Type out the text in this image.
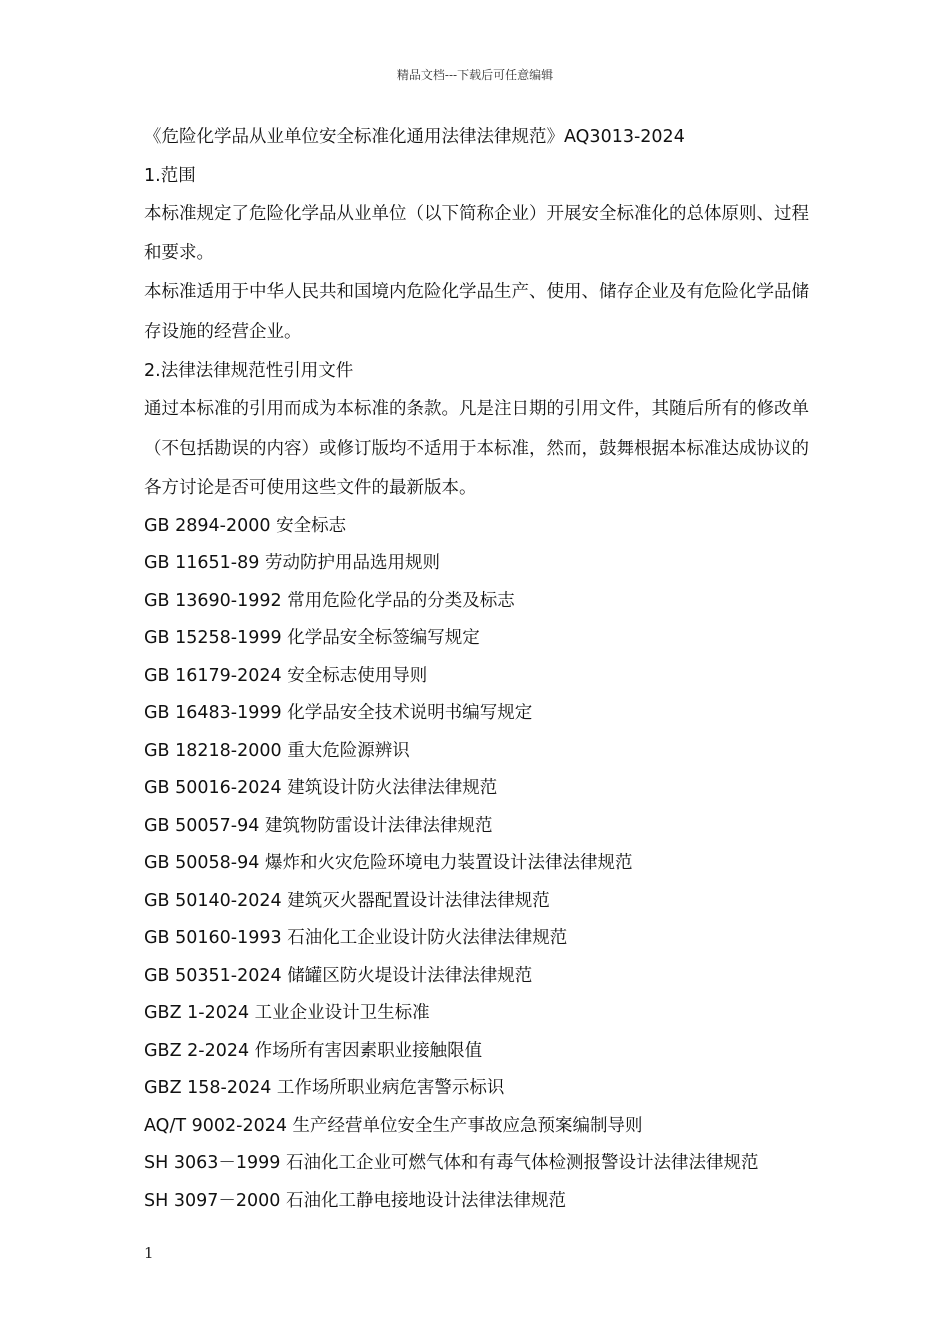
精品文档---下载后可任意编辑
《危险化学品从业单位安全标准化通用法律法律规范》AQ3013-2024
1.范围
本标准规定了危险化学品从业单位（以下简称企业）开展安全标准化的总体原则、过程和要求。
本标准适用于中华人民共和国境内危险化学品生产、使用、储存企业及有危险化学品储存设施的经营企业。
2.法律法律规范性引用文件
通过本标准的引用而成为本标准的条款。凡是注日期的引用文件，其随后所有的修改单（不包括勘误的内容）或修订版均不适用于本标准，然而，鼓舞根据本标准达成协议的各方讨论是否可使用这些文件的最新版本。
GB 2894-2000 安全标志
GB 11651-89 劳动防护用品选用规则
GB 13690-1992 常用危险化学品的分类及标志
GB 15258-1999 化学品安全标签编写规定
GB 16179-2024 安全标志使用导则
GB 16483-1999 化学品安全技术说明书编写规定
GB 18218-2000 重大危险源辨识
GB 50016-2024 建筑设计防火法律法律规范
GB 50057-94 建筑物防雷设计法律法律规范
GB 50058-94 爆炸和火灾危险环境电力装置设计法律法律规范
GB 50140-2024 建筑灭火器配置设计法律法律规范
GB 50160-1993 石油化工企业设计防火法律法律规范
GB 50351-2024 储罐区防火堤设计法律法律规范
GBZ 1-2024 工业企业设计卫生标准
GBZ 2-2024 作场所有害因素职业接触限值
GBZ 158-2024 工作场所职业病危害警示标识
AQ/T 9002-2024 生产经营单位安全生产事故应急预案编制导则
SH 3063－1999 石油化工企业可燃气体和有毒气体检测报警设计法律法律规范
SH 3097－2000 石油化工静电接地设计法律法律规范
1
